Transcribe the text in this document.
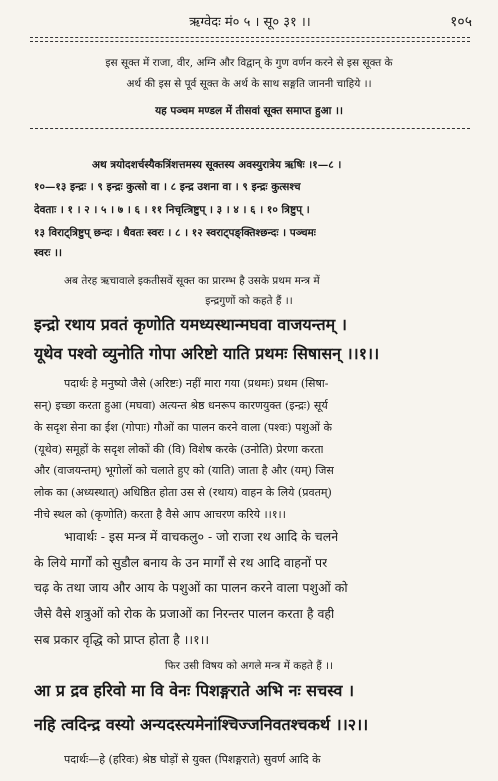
ऋग्वेदः मं० ५ । सू० ३१ ।।	१०५
इस सूक्त में राजा, वीर, अग्नि और विद्वान् के गुण वर्णन करने से इस सूक्त के
अर्थ की इस से पूर्व सूक्त के अर्थ के साथ सङ्गति जाननी चाहिये ।।
यह पञ्चम मण्डल में तीसवां सूक्त समाप्त हुआ ।।
अथ त्रयोदशर्चस्यैकत्रिंशत्तमस्य सूक्तस्य अवस्युरात्रेय ऋषिः ।१—८ ।
१०—१३ इन्द्रः । ९ इन्द्रः कुत्सो वा । ८ इन्द्र उशना वा । ९ इन्द्रः कुत्सश्च
देवताः । १ । २ । ५ । ७ । ६ । ११ निचृत्त्रिष्टुप् । ३ । ४ । ६ । १० त्रिष्टुप् ।
१३ विराट्त्रिष्टुप् छन्दः । धैवतः स्वरः । ८ । १२ स्वराट्पङ्क्तिश्छन्दः । पञ्चमः
स्वरः ।।
अब तेरह ऋचावाले इकतीसवें सूक्त का प्रारम्भ है उसके प्रथम मन्त्र में
इन्द्रगुणों को कहते हैं ।।
इन्द्रो रथाय प्रवतं कृणोति यमध्यस्थान्मघवा वाजयन्तम् ।
यूथेव पश्वो व्युनोति गोपा अरिष्टो याति प्रथमः सिषासन् ।।१।।
पदार्थः हे मनुष्यो जैसे (अरिष्टः) नहीं मारा गया (प्रथमः) प्रथम (सिषा-
सन्) इच्छा करता हुआ (मघवा) अत्यन्त श्रेष्ठ धनरूप कारणयुक्त (इन्द्रः) सूर्य
के सदृश सेना का ईश (गोपाः) गौओं का पालन करने वाला (पश्वः) पशुओं के
(यूथेव) समूहों के सदृश लोकों की (वि) विशेष करके (उनोति) प्रेरणा करता
और (वाजयन्तम्) भूगोलों को चलाते हुए को (याति) जाता है और (यम्) जिस
लोक का (अध्यस्थात्) अधिष्ठित होता उस से (रथाय) वाहन के लिये (प्रवतम्)
नीचे स्थल को (कृणोति) करता है वैसे आप आचरण करिये ।।१।।
भावार्थः - इस मन्त्र में वाचकलु० - जो राजा रथ आदि के चलने
के लिये मार्गों को सुडौल बनाय के उन मार्गों से रथ आदि वाहनों पर
चढ़ के तथा जाय और आय के पशुओं का पालन करने वाला पशुओं को
जैसे वैसे शत्रुओं को रोक के प्रजाओं का निरन्तर पालन करता है वही
सब प्रकार वृद्धि को प्राप्त होता है ।।१।।
फिर उसी विषय को अगले मन्त्र में कहते हैं ।।
आ प्र द्रव हरिवो मा वि वेनः पिशङ्गराते अभि नः सचस्व ।
नहि त्वदिन्द्र वस्यो अन्यदस्त्यमेनांश्चिज्जनिवतश्चकर्थ ।।२।।
पदार्थः—हे (हरिवः) श्रेष्ठ घोड़ों से युक्त (पिशङ्गराते) सुवर्ण आदि के
